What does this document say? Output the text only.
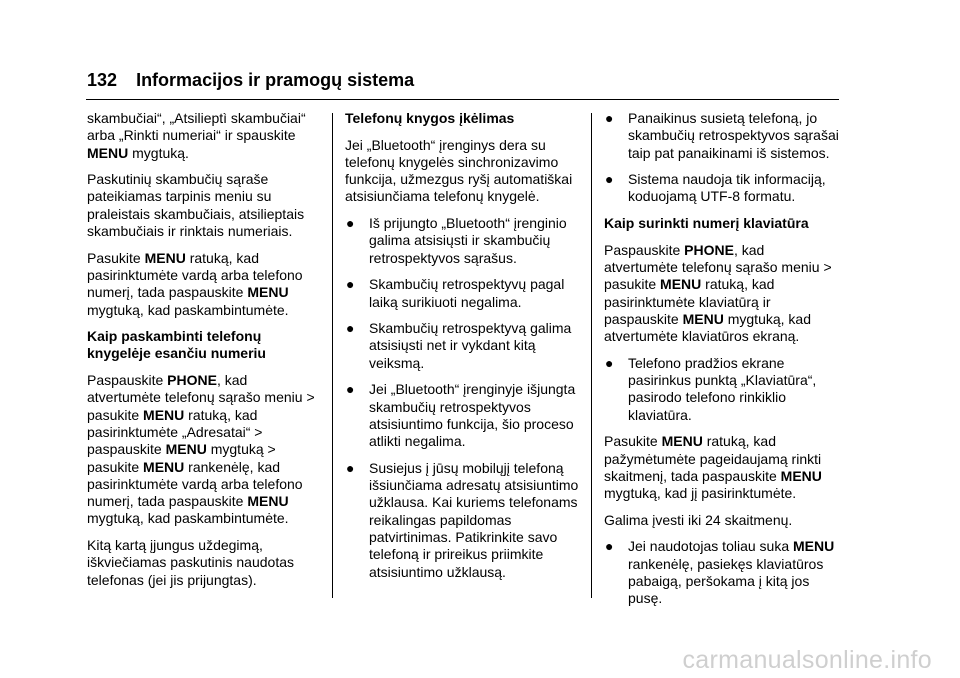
132 Informacijos ir pramogų sistema

skambučiai“, „Atsilieptì skambučiai“ arba „Rinkti numeriai“ ir spauskite MENU mygtuką.

Paskutinių skambučių sąraše pateikiamas tarpinis meniu su praleistais skambučiais, atsilieptais skambučiais ir rinktais numeriais.

Pasukite MENU ratuką, kad pasirinktumėte vardą arba telefono numerį, tada paspauskite MENU mygtuką, kad paskambintumėte.

Kaip paskambinti telefonų knygelėje esančiu numeriu

Paspauskite PHONE, kad atvertumėte telefonų sąrašo meniu > pasukite MENU ratuką, kad pasirinktumėte „Adresatai“ > paspauskite MENU mygtuką > pasukite MENU rankenėlę, kad pasirinktumėte vardą arba telefono numerį, tada paspauskite MENU mygtuką, kad paskambintumėte.

Kitą kartą įjungus uždegimą, iškviečiamas paskutinis naudotas telefonas (jei jis prijungtas).

Telefonų knygos įkėlimas

Jei „Bluetooth“ įrenginys dera su telefonų knygelės sinchronizavimo funkcija, užmezgus ryšį automatiškai atsisiunčiama telefonų knygelė.

● Iš prijungto „Bluetooth“ įrenginio galima atsisiųsti ir skambučių retrospektyvos sąrašus.
● Skambučių retrospektyvų pagal laiką surikiuoti negalima.
● Skambučių retrospektyvą galima atsisiųsti net ir vykdant kitą veiksmą.
● Jei „Bluetooth“ įrenginyje išjungta skambučių retrospektyvos atsisiuntimo funkcija, šio proceso atlikti negalima.
● Susiejus į jūsų mobilųjį telefoną išsiunčiama adresatų atsisiuntimo užklausa. Kai kuriems telefonams reikalingas papildomas patvirtinimas. Patikrinkite savo telefoną ir prireikus priimkite atsisiuntimo užklausą.
● Panaikinus susietą telefoną, jo skambučių retrospektyvos sąrašai taip pat panaikinami iš sistemos.
● Sistema naudoja tik informaciją, koduojamą UTF-8 formatu.
Kaip surinkti numerį klaviatūra

Paspauskite PHONE, kad atvertumėte telefonų sąrašo meniu > pasukite MENU ratuką, kad pasirinktumėte klaviatūrą ir paspauskite MENU mygtuką, kad atvertumėte klaviatūros ekraną.

● Telefono pradžios ekrane pasirinkus punktą „Klaviatūra“, pasirodo telefono rinkiklio klaviatūra.

Pasukite MENU ratuką, kad pažymėtumėte pageidaujamą rinkti skaitmenį, tada paspauskite MENU mygtuką, kad jį pasirinktumėte.

Galima įvesti iki 24 skaitmenų.

● Jei naudotojas toliau suka MENU rankenėlę, pasiekęs klaviatūros pabaigą, peršokama į kitą jos pusę.
carmanualsonline.info
